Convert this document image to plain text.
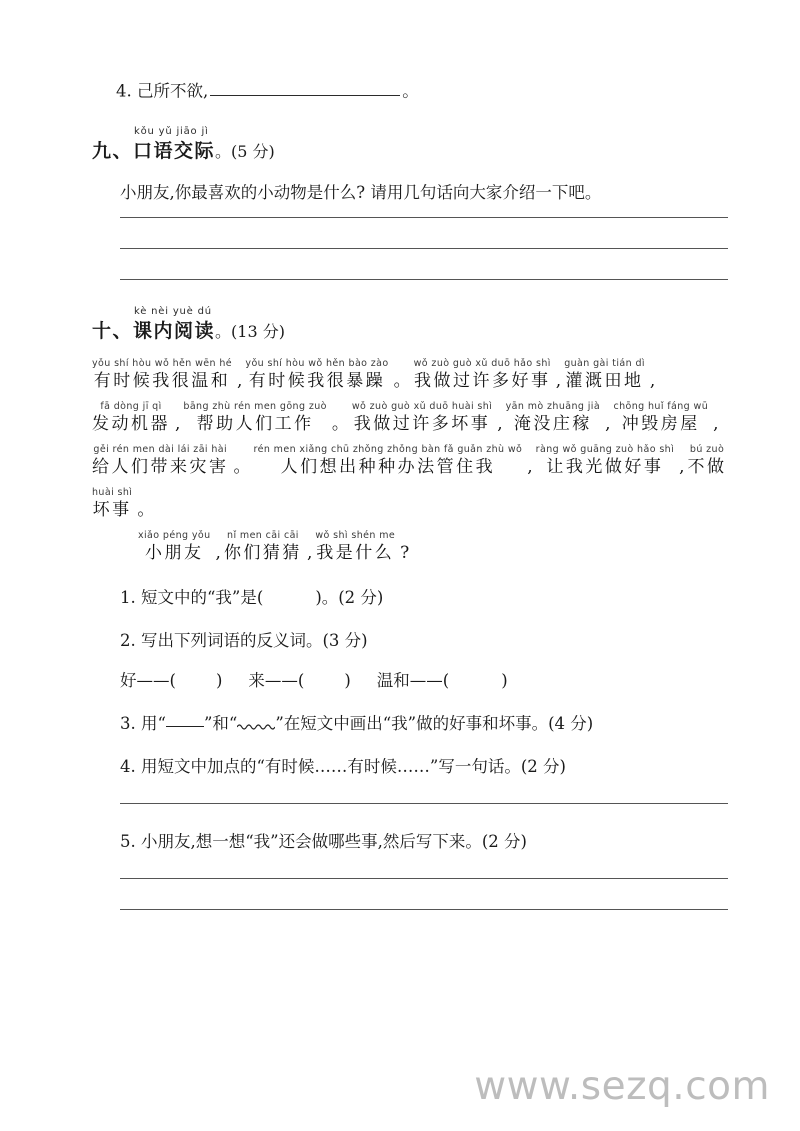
4. 己所不欲,	。
kǒu yǔ jiāo jì
九、口语交际。(5 分)
小朋友,你最喜欢的小动物是什么? 请用几句话向大家介绍一下吧。
kè nèi yuè dú
十、课内阅读。(13 分)
yǒu shí hòu wǒ hěn wēn hé
有时候我很温和 ,
yǒu shí hòu wǒ hěn bào zào
有时候我很暴躁 。
wǒ zuò guò xǔ duō hǎo shì
我做过许多好事 ,
guàn gài tián dì
灌溉田地 ,
fā dòng jī qì
发动机器 ,
bāng zhù rén men gōng zuò
帮助人们工作	。
wǒ zuò guò xǔ duō huài shì
我做过许多坏事 ,
yān mò zhuāng jià
淹没庄稼 ,
chōng huǐ fáng wū
冲毁房屋 ,
gěi rén men dài lái zāi hài
给人们带来灾害 。
rén men xiǎng chū zhǒng zhǒng bàn fǎ guǎn zhù wǒ
人们想出种种办法管住我	,
ràng wǒ guāng zuò hǎo shì
让我光做好事 ,
bú zuò
不做
huài shì
坏事 。
xiǎo péng yǒu
小朋友 ,
nǐ men cāi cāi
你们猜猜 ,
wǒ shì shén me
我是什么 ?
1. 短文中的“我”是(	)。(2 分)
2. 写出下列词语的反义词。(3 分)
好——( ) 来——( ) 温和——(	)
3. 用“ ”和“ ”在短文中画出“我”做的好事和坏事。(4 分)
4. 用短文中加点的“有时候……有时候……”写一句话。(2 分)
5. 小朋友,想一想“我”还会做哪些事,然后写下来。(2 分)
www.sezq.com
